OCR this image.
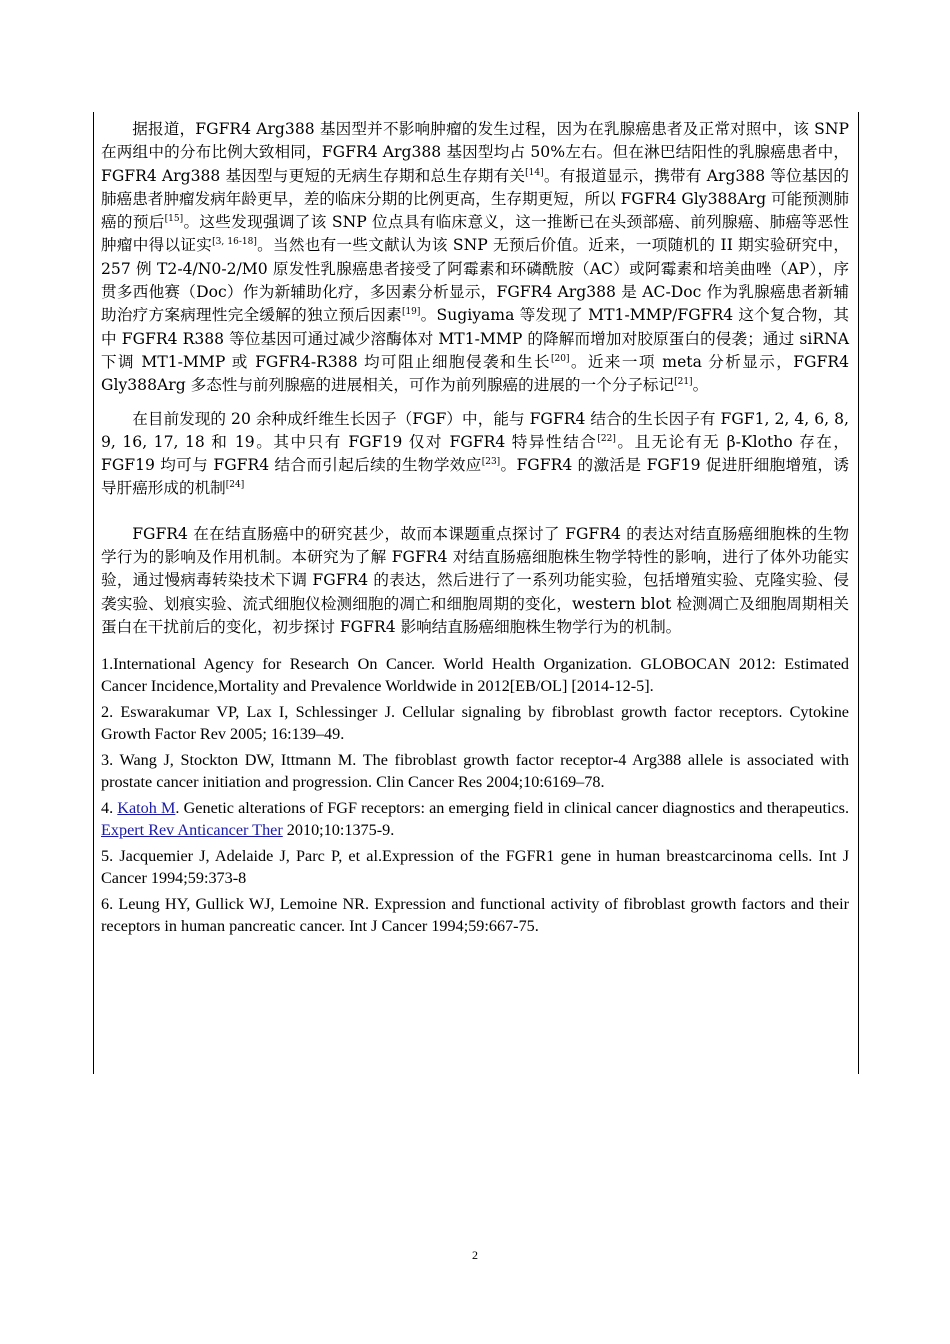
据报道，FGFR4 Arg388 基因型并不影响肿瘤的发生过程，因为在乳腺癌患者及正常对照中，该 SNP 在两组中的分布比例大致相同，FGFR4 Arg388 基因型均占 50%左右。但在淋巴结阳性的乳腺癌患者中，FGFR4 Arg388 基因型与更短的无病生存期和总生存期有关[14]。有报道显示，携带有 Arg388 等位基因的肺癌患者肿瘤发病年龄更早，差的临床分期的比例更高，生存期更短，所以 FGFR4 Gly388Arg 可能预测肺癌的预后[15]。这些发现强调了该 SNP 位点具有临床意义，这一推断已在头颈部癌、前列腺癌、肺癌等恶性肿瘤中得以证实[3, 16-18]。当然也有一些文献认为该 SNP 无预后价值。近来，一项随机的 II 期实验研究中，257 例 T2-4/N0-2/M0 原发性乳腺癌患者接受了阿霉素和环磷酰胺（AC）或阿霉素和培美曲唑（AP），序贯多西他赛（Doc）作为新辅助化疗，多因素分析显示，FGFR4 Arg388 是 AC-Doc 作为乳腺癌患者新辅助治疗方案病理性完全缓解的独立预后因素[19]。Sugiyama 等发现了 MT1-MMP/FGFR4 这个复合物，其中 FGFR4 R388 等位基因可通过减少溶酶体对 MT1-MMP 的降解而增加对胶原蛋白的侵袭；通过 siRNA 下调 MT1-MMP 或 FGFR4-R388 均可阻止细胞侵袭和生长[20]。近来一项 meta 分析显示，FGFR4 Gly388Arg 多态性与前列腺癌的进展相关，可作为前列腺癌的进展的一个分子标记[21]。

在目前发现的 20 余种成纤维生长因子（FGF）中，能与 FGFR4 结合的生长因子有 FGF1, 2, 4, 6, 8, 9, 16, 17, 18 和 19。其中只有 FGF19 仅对 FGFR4 特异性结合[22]。且无论有无 β-Klotho 存在，FGF19 均可与 FGFR4 结合而引起后续的生物学效应[23]。FGFR4 的激活是 FGF19 促进肝细胞增殖，诱导肝癌形成的机制[24]

FGFR4 在在结直肠癌中的研究甚少，故而本课题重点探讨了 FGFR4 的表达对结直肠癌细胞株的生物学行为的影响及作用机制。本研究为了解 FGFR4 对结直肠癌细胞株生物学特性的影响，进行了体外功能实验，通过慢病毒转染技术下调 FGFR4 的表达，然后进行了一系列功能实验，包括增殖实验、克隆实验、侵袭实验、划痕实验、流式细胞仪检测细胞的凋亡和细胞周期的变化，western blot 检测凋亡及细胞周期相关蛋白在干扰前后的变化，初步探讨 FGFR4 影响结直肠癌细胞株生物学行为的机制。

1.International Agency for Research On Cancer. World Health Organization. GLOBOCAN 2012: Estimated Cancer Incidence,Mortality and Prevalence Worldwide in 2012[EB/OL] [2014-12-5].

2. Eswarakumar VP, Lax I, Schlessinger J. Cellular signaling by fibroblast growth factor receptors. Cytokine Growth Factor Rev 2005; 16:139–49.

3. Wang J, Stockton DW, Ittmann M. The fibroblast growth factor receptor-4 Arg388 allele is associated with prostate cancer initiation and progression. Clin Cancer Res 2004;10:6169–78.

4. Katoh M. Genetic alterations of FGF receptors: an emerging field in clinical cancer diagnostics and therapeutics. Expert Rev Anticancer Ther 2010;10:1375-9.

5. Jacquemier J, Adelaide J, Parc P, et al.Expression of the FGFR1 gene in human breastcarcinoma cells. Int J Cancer 1994;59:373-8

6. Leung HY, Gullick WJ, Lemoine NR. Expression and functional activity of fibroblast growth factors and their receptors in human pancreatic cancer. Int J Cancer 1994;59:667-75.

2
